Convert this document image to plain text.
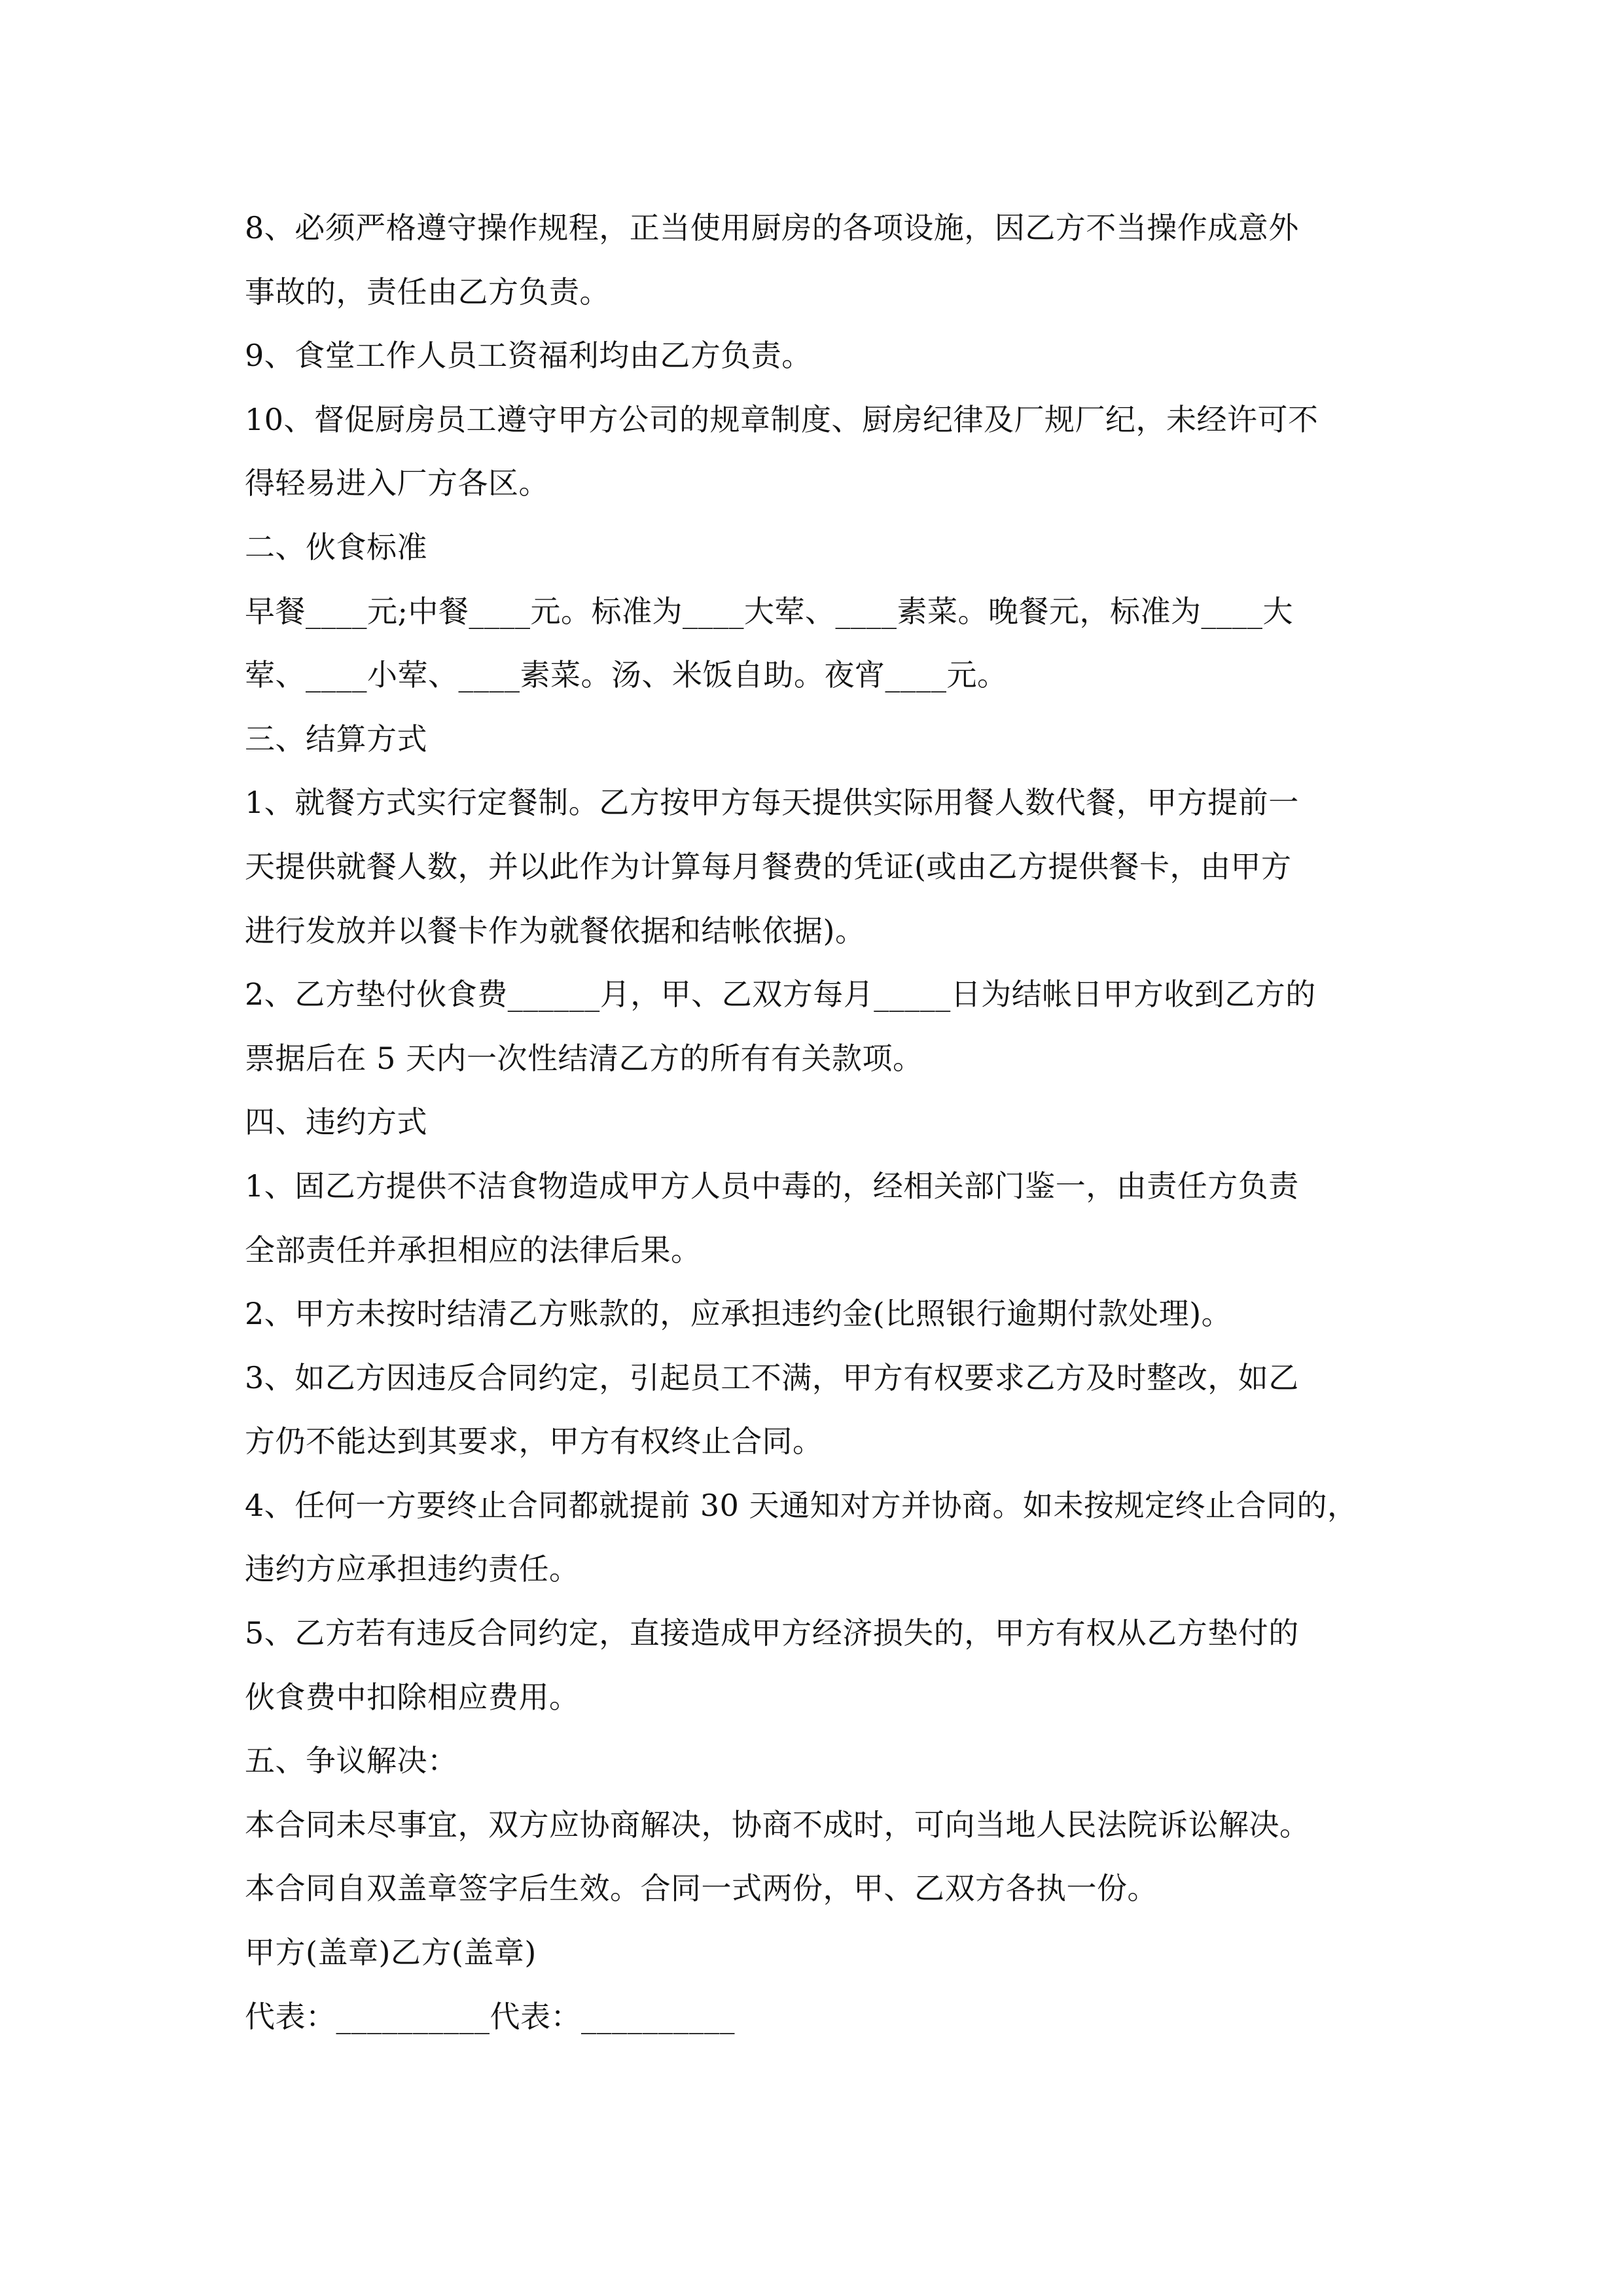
8、必须严格遵守操作规程，正当使用厨房的各项设施，因乙方不当操作成意外
事故的，责任由乙方负责。
9、食堂工作人员工资福利均由乙方负责。
10、督促厨房员工遵守甲方公司的规章制度、厨房纪律及厂规厂纪，未经许可不
得轻易进入厂方各区。
二、伙食标准
早餐____元;中餐____元。标准为____大荤、____素菜。晚餐元，标准为____大
荤、____小荤、____素菜。汤、米饭自助。夜宵____元。
三、结算方式
1、就餐方式实行定餐制。乙方按甲方每天提供实际用餐人数代餐，甲方提前一
天提供就餐人数，并以此作为计算每月餐费的凭证(或由乙方提供餐卡，由甲方
进行发放并以餐卡作为就餐依据和结帐依据)。
2、乙方垫付伙食费______月，甲、乙双方每月_____日为结帐日甲方收到乙方的
票据后在 5 天内一次性结清乙方的所有有关款项。
四、违约方式
1、固乙方提供不洁食物造成甲方人员中毒的，经相关部门鉴一，由责任方负责
全部责任并承担相应的法律后果。
2、甲方未按时结清乙方账款的，应承担违约金(比照银行逾期付款处理)。
3、如乙方因违反合同约定，引起员工不满，甲方有权要求乙方及时整改，如乙
方仍不能达到其要求，甲方有权终止合同。
4、任何一方要终止合同都就提前 30 天通知对方并协商。如未按规定终止合同的，
违约方应承担违约责任。
5、乙方若有违反合同约定，直接造成甲方经济损失的，甲方有权从乙方垫付的
伙食费中扣除相应费用。
五、争议解决：
本合同未尽事宜，双方应协商解决，协商不成时，可向当地人民法院诉讼解决。
本合同自双盖章签字后生效。合同一式两份，甲、乙双方各执一份。
甲方(盖章)乙方(盖章)
代表：__________代表：__________
